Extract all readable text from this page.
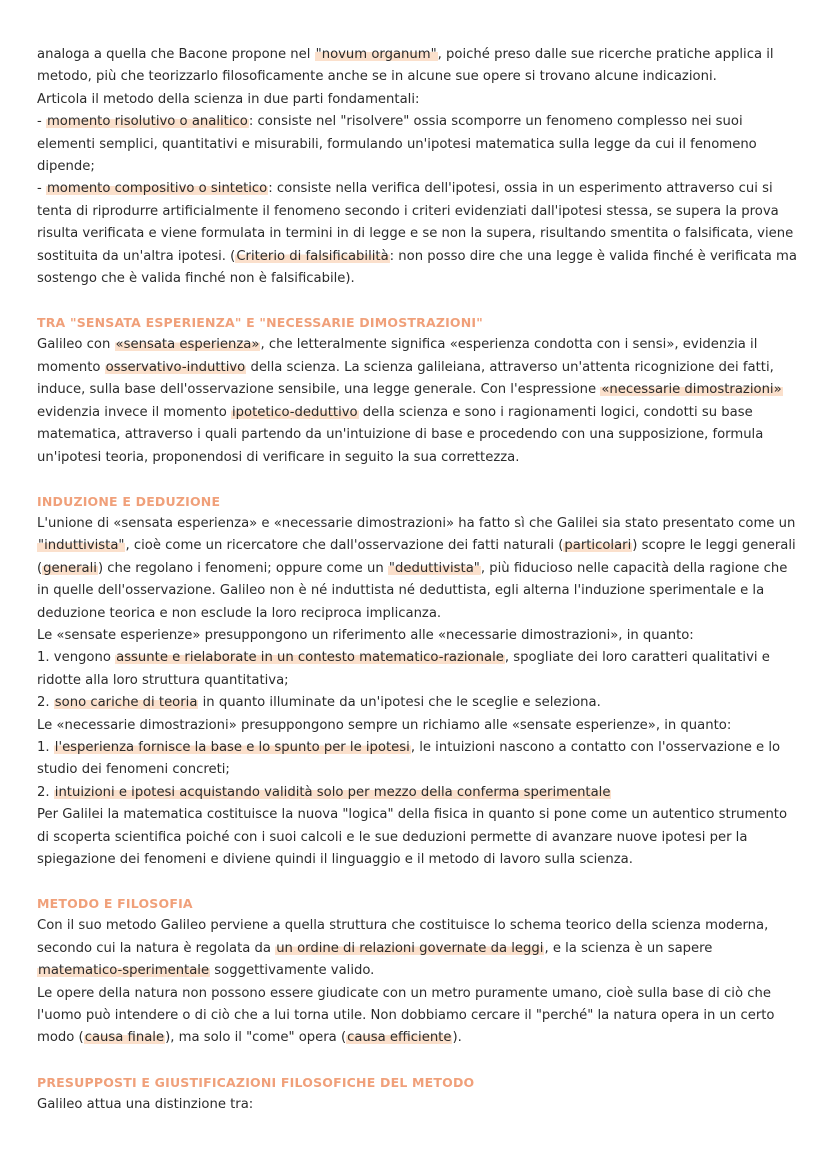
analoga a quella che Bacone propone nel "novum organum", poiché preso dalle sue ricerche pratiche applica il metodo, più che teorizzarlo filosoficamente anche se in alcune sue opere si trovano alcune indicazioni.

Articola il metodo della scienza in due parti fondamentali:

- momento risolutivo o analitico: consiste nel "risolvere" ossia scomporre un fenomeno complesso nei suoi elementi semplici, quantitativi e misurabili, formulando un'ipotesi matematica sulla legge da cui il fenomeno dipende;

- momento compositivo o sintetico: consiste nella verifica dell'ipotesi, ossia in un esperimento attraverso cui si tenta di riprodurre artificialmente il fenomeno secondo i criteri evidenziati dall'ipotesi stessa, se supera la prova risulta verificata e viene formulata in termini in di legge e se non la supera, risultando smentita o falsificata, viene sostituita da un'altra ipotesi. (Criterio di falsificabilità: non posso dire che una legge è valida finché è verificata ma sostengo che è valida finché non è falsificabile).

TRA "SENSATA ESPERIENZA" E "NECESSARIE DIMOSTRAZIONI"

Galileo con «sensata esperienza», che letteralmente significa «esperienza condotta con i sensi», evidenzia il momento osservativo-induttivo della scienza. La scienza galileiana, attraverso un'attenta ricognizione dei fatti, induce, sulla base dell'osservazione sensibile, una legge generale. Con l'espressione «necessarie dimostrazioni» evidenzia invece il momento ipotetico-deduttivo della scienza e sono i ragionamenti logici, condotti su base matematica, attraverso i quali partendo da un'intuizione di base e procedendo con una supposizione, formula un'ipotesi teoria, proponendosi di verificare in seguito la sua correttezza.

INDUZIONE E DEDUZIONE

L'unione di «sensata esperienza» e «necessarie dimostrazioni» ha fatto sì che Galilei sia stato presentato come un "induttivista", cioè come un ricercatore che dall'osservazione dei fatti naturali (particolari) scopre le leggi generali (generali) che regolano i fenomeni; oppure come un "deduttivista", più fiducioso nelle capacità della ragione che in quelle dell'osservazione. Galileo non è né induttista né deduttista, egli alterna l'induzione sperimentale e la deduzione teorica e non esclude la loro reciproca implicanza.

Le «sensate esperienze» presuppongono un riferimento alle «necessarie dimostrazioni», in quanto:

1. vengono assunte e rielaborate in un contesto matematico-razionale, spogliate dei loro caratteri qualitativi e ridotte alla loro struttura quantitativa;

2. sono cariche di teoria in quanto illuminate da un'ipotesi che le sceglie e seleziona.

Le «necessarie dimostrazioni» presuppongono sempre un richiamo alle «sensate esperienze», in quanto:

1. l'esperienza fornisce la base e lo spunto per le ipotesi, le intuizioni nascono a contatto con l'osservazione e lo studio dei fenomeni concreti;

2. intuizioni e ipotesi acquistando validità solo per mezzo della conferma sperimentale

Per Galilei la matematica costituisce la nuova "logica" della fisica in quanto si pone come un autentico strumento di scoperta scientifica poiché con i suoi calcoli e le sue deduzioni permette di avanzare nuove ipotesi per la spiegazione dei fenomeni e diviene quindi il linguaggio e il metodo di lavoro sulla scienza.

METODO E FILOSOFIA

Con il suo metodo Galileo perviene a quella struttura che costituisce lo schema teorico della scienza moderna, secondo cui la natura è regolata da un ordine di relazioni governate da leggi, e la scienza è un sapere matematico-sperimentale soggettivamente valido.

Le opere della natura non possono essere giudicate con un metro puramente umano, cioè sulla base di ciò che l'uomo può intendere o di ciò che a lui torna utile. Non dobbiamo cercare il "perché" la natura opera in un certo modo (causa finale), ma solo il "come" opera (causa efficiente).

PRESUPPOSTI E GIUSTIFICAZIONI FILOSOFICHE DEL METODO

Galileo attua una distinzione tra:
